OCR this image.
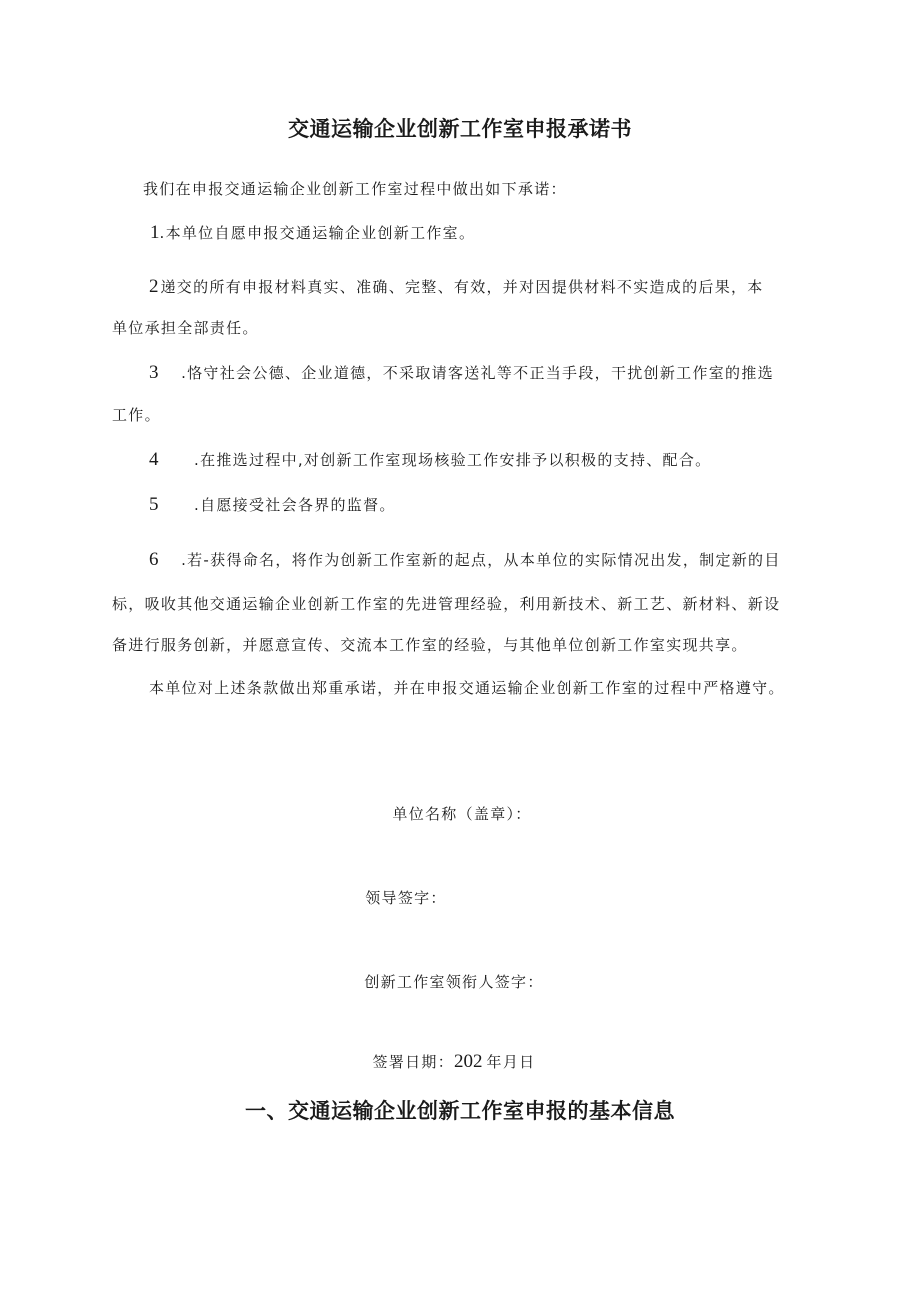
交通运输企业创新工作室申报承诺书
我们在申报交通运输企业创新工作室过程中做出如下承诺：
1.本单位自愿申报交通运输企业创新工作室。
2 递交的所有申报材料真实、准确、完整、有效，并对因提供材料不实造成的后果，本
单位承担全部责任。
3 .恪守社会公德、企业道德，不采取请客送礼等不正当手段，干扰创新工作室的推选
工作。
4 .在推选过程中,对创新工作室现场核验工作安排予以积极的支持、配合。
5 .自愿接受社会各界的监督。
6 .若-获得命名，将作为创新工作室新的起点，从本单位的实际情况出发，制定新的目
标，吸收其他交通运输企业创新工作室的先进管理经验，利用新技术、新工艺、新材料、新设
备进行服务创新，并愿意宣传、交流本工作室的经验，与其他单位创新工作室实现共享。
本单位对上述条款做出郑重承诺，并在申报交通运输企业创新工作室的过程中严格遵守。
单位名称（盖章）：
领导签字：
创新工作室领衔人签字：
签署日期：202 年月日
一、交通运输企业创新工作室申报的基本信息
